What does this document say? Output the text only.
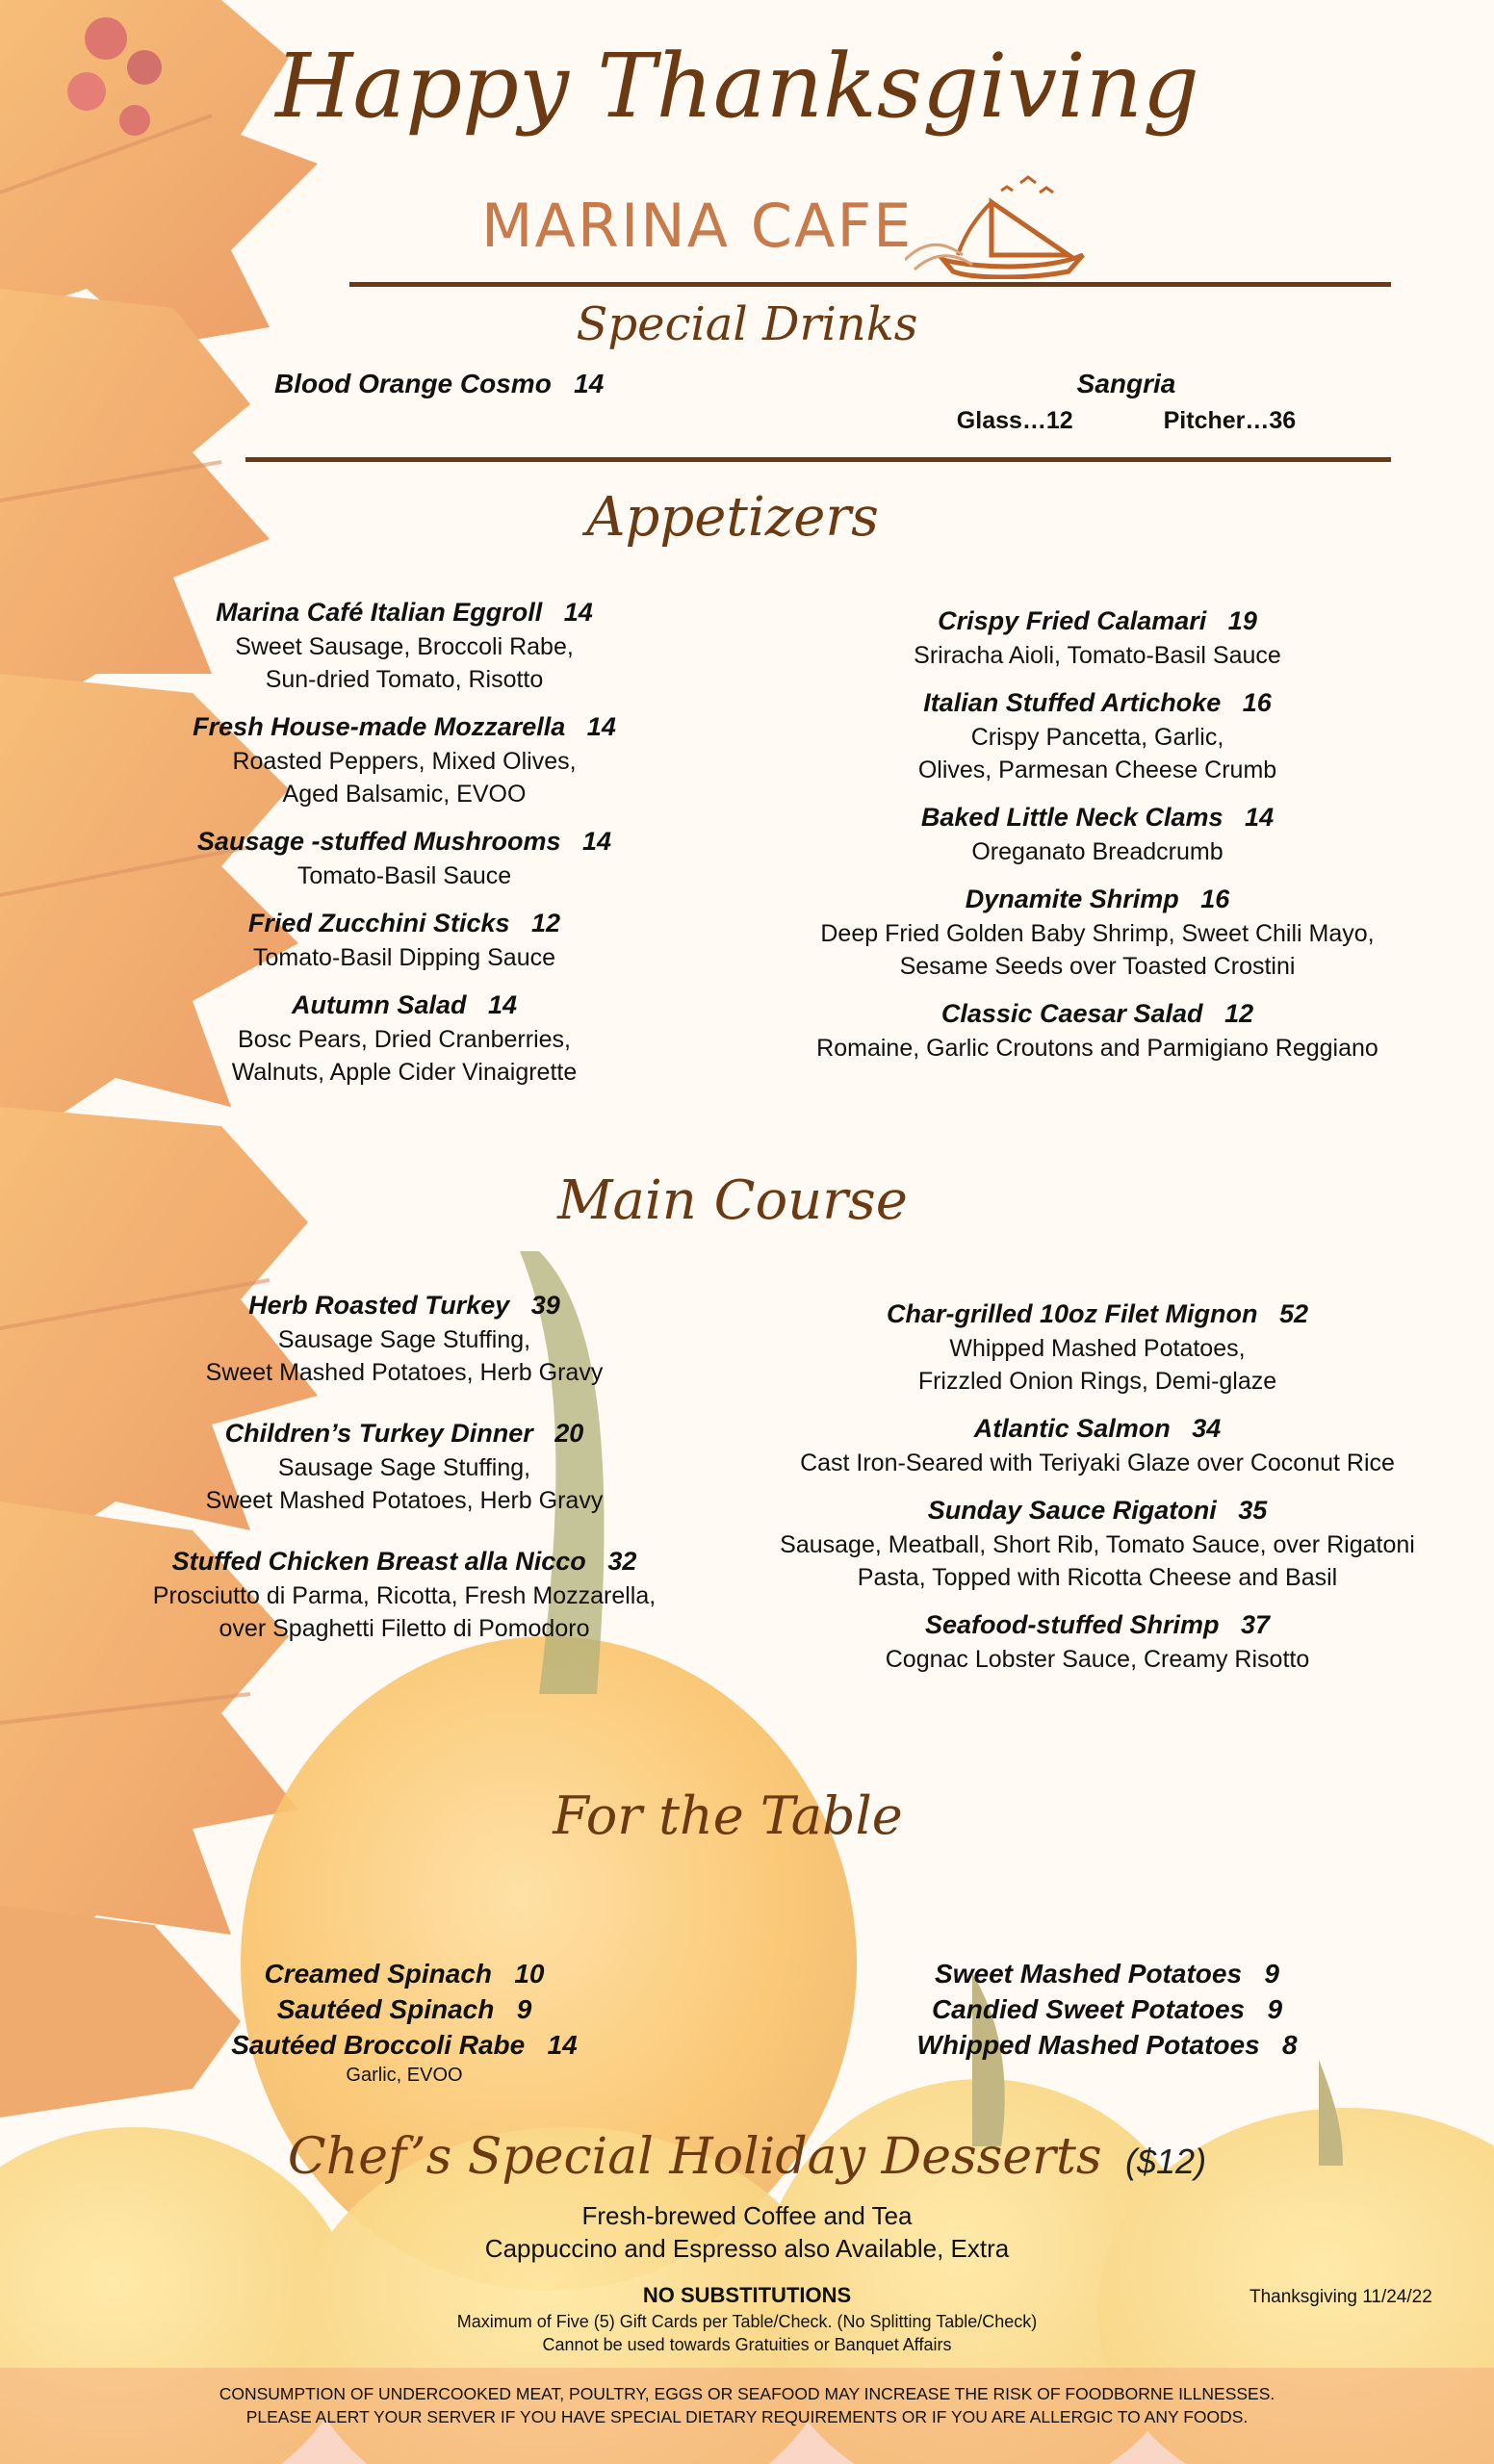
Happy Thanksgiving
MARINA CAFE
Special Drinks
Blood Orange Cosmo 14	Sangria
Glass…12	Pitcher…36
Appetizers
Marina Café Italian Eggroll 14
Sweet Sausage, Broccoli Rabe,
Sun-dried Tomato, Risotto
Fresh House-made Mozzarella 14
Roasted Peppers, Mixed Olives,
Aged Balsamic, EVOO
Sausage -stuffed Mushrooms 14
Tomato-Basil Sauce
Fried Zucchini Sticks 12
Tomato-Basil Dipping Sauce
Autumn Salad 14
Bosc Pears, Dried Cranberries,
Walnuts, Apple Cider Vinaigrette
Crispy Fried Calamari 19
Sriracha Aioli, Tomato-Basil Sauce
Italian Stuffed Artichoke 16
Crispy Pancetta, Garlic,
Olives, Parmesan Cheese Crumb
Baked Little Neck Clams 14
Oreganato Breadcrumb
Dynamite Shrimp 16
Deep Fried Golden Baby Shrimp, Sweet Chili Mayo,
Sesame Seeds over Toasted Crostini
Classic Caesar Salad 12
Romaine, Garlic Croutons and Parmigiano Reggiano
Main Course
Herb Roasted Turkey 39
Sausage Sage Stuffing,
Sweet Mashed Potatoes, Herb Gravy
Children’s Turkey Dinner 20
Sausage Sage Stuffing,
Sweet Mashed Potatoes, Herb Gravy
Stuffed Chicken Breast alla Nicco 32
Prosciutto di Parma, Ricotta, Fresh Mozzarella,
over Spaghetti Filetto di Pomodoro
Char-grilled 10oz Filet Mignon 52
Whipped Mashed Potatoes,
Frizzled Onion Rings, Demi-glaze
Atlantic Salmon 34
Cast Iron-Seared with Teriyaki Glaze over Coconut Rice
Sunday Sauce Rigatoni 35
Sausage, Meatball, Short Rib, Tomato Sauce, over Rigatoni
Pasta, Topped with Ricotta Cheese and Basil
Seafood-stuffed Shrimp 37
Cognac Lobster Sauce, Creamy Risotto
For the Table
Creamed Spinach 10
Sautéed Spinach 9
Sautéed Broccoli Rabe 14
Garlic, EVOO
Sweet Mashed Potatoes 9
Candied Sweet Potatoes 9
Whipped Mashed Potatoes 8
Chef’s Special Holiday Desserts ($12)
Fresh-brewed Coffee and Tea
Cappuccino and Espresso also Available, Extra
NO SUBSTITUTIONS
Maximum of Five (5) Gift Cards per Table/Check. (No Splitting Table/Check)
Cannot be used towards Gratuities or Banquet Affairs
Thanksgiving 11/24/22
CONSUMPTION OF UNDERCOOKED MEAT, POULTRY, EGGS OR SEAFOOD MAY INCREASE THE RISK OF FOODBORNE ILLNESSES.
PLEASE ALERT YOUR SERVER IF YOU HAVE SPECIAL DIETARY REQUIREMENTS OR IF YOU ARE ALLERGIC TO ANY FOODS.
